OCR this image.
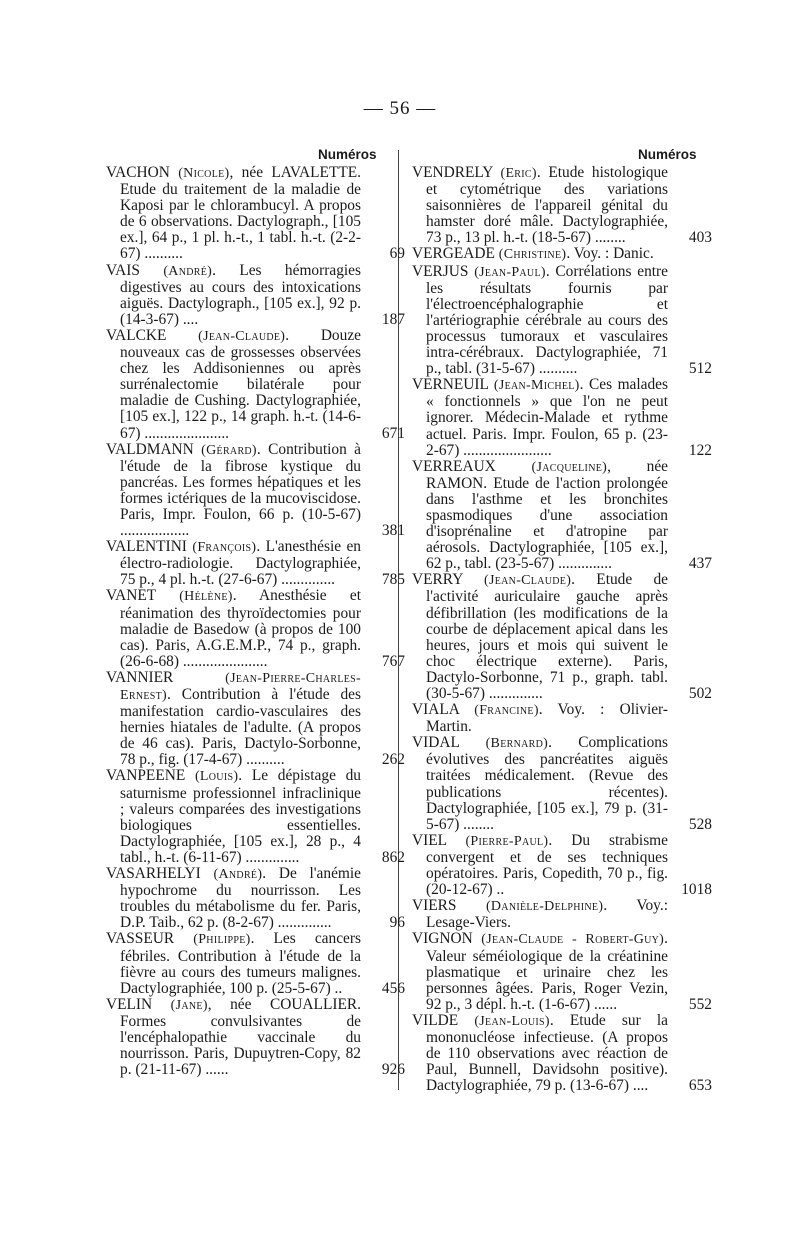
— 56 —
Numéros	Numéros
VACHON (Nicole), née LAVALETTE. Etude du traitement de la maladie de Kaposi par le chlorambucyl. A propos de 6 observations. Dactylograph., [105 ex.], 64 p., 1 pl. h.-t., 1 tabl. h.-t. (2-2-67) ..........	69
VAIS (André). Les hémorragies digestives au cours des intoxications aiguës. Dactylograph., [105 ex.], 92 p. (14-3-67) ....	187
VALCKE (Jean-Claude). Douze nouveaux cas de grossesses observées chez les Addisoniennes ou après surrénalectomie bilatérale pour maladie de Cushing. Dactylographiée, [105 ex.], 122 p., 14 graph. h.-t. (14-6-67) ......................	671
VALDMANN (Gérard). Contribution à l'étude de la fibrose kystique du pancréas. Les formes hépatiques et les formes ictériques de la mucoviscidose. Paris, Impr. Foulon, 66 p. (10-5-67) ..................	381
VALENTINI (François). L'anesthésie en électro-radiologie. Dactylographiée, 75 p., 4 pl. h.-t. (27-6-67) ..............	785
VANET (Hélène). Anesthésie et réanimation des thyroïdectomies pour maladie de Basedow (à propos de 100 cas). Paris, A.G.E.M.P., 74 p., graph. (26-6-68) ......................	767
VANNIER	(Jean-Pierre-Charles-Ernest). Contribution à l'étude des manifestation cardio-vasculaires des hernies hiatales de l'adulte. (A propos de 46 cas). Paris, Dactylo-Sorbonne, 78 p., fig. (17-4-67) ..........	262
VANPEENE (Louis). Le dépistage du saturnisme professionnel infraclinique ; valeurs comparées des investigations biologiques essentielles. Dactylographiée, [105 ex.], 28 p., 4 tabl., h.-t. (6-11-67) ..............	862
VASARHELYI (André). De l'anémie hypochrome du nourrisson. Les troubles du métabolisme du fer. Paris, D.P. Taib., 62 p. (8-2-67) ..............	96
VASSEUR (Philippe). Les cancers fébriles. Contribution à l'étude de la fièvre au cours des tumeurs malignes. Dactylographiée, 100 p. (25-5-67) ..	456
VELIN (Jane), née COUALLIER. Formes convulsivantes de l'encéphalopathie vaccinale du nourrisson. Paris, Dupuytren-Copy, 82 p. (21-11-67) ......	926
VENDRELY (Eric). Etude histologique et cytométrique des variations saisonnières de l'appareil génital du hamster doré mâle. Dactylographiée, 73 p., 13 pl. h.-t. (18-5-67) ........	403
VERGEADE (Christine). Voy. : Danic.
VERJUS (Jean-Paul). Corrélations entre les résultats fournis par l'électroencéphalographie et l'artériographie cérébrale au cours des processus tumoraux et vasculaires intra-cérébraux. Dactylographiée, 71 p., tabl. (31-5-67) ..........	512
VERNEUIL (Jean-Michel). Ces malades « fonctionnels » que l'on ne peut ignorer. Médecin-Malade et rythme actuel. Paris. Impr. Foulon, 65 p. (23-2-67) .......................	122
VERREAUX	(Jacqueline), née RAMON. Etude de l'action prolongée dans l'asthme et les bronchites spasmodiques d'une association d'isoprénaline et d'atropine par aérosols. Dactylographiée, [105 ex.], 62 p., tabl. (23-5-67) ..............	437
VERRY (Jean-Claude). Etude de l'activité auriculaire gauche après défibrillation (les modifications de la courbe de déplacement apical dans les heures, jours et mois qui suivent le choc électrique externe). Paris, Dactylo-Sorbonne, 71 p., graph. tabl. (30-5-67) ..............	502
VIALA (Francine). Voy. : Olivier-Martin.
VIDAL (Bernard). Complications évolutives des pancréatites aiguës traitées médicalement. (Revue des publications récentes). Dactylographiée, [105 ex.], 79 p. (31-5-67) ........	528
VIEL (Pierre-Paul). Du strabisme convergent et de ses techniques opératoires. Paris, Copedith, 70 p., fig. (20-12-67) ..	1018
VIERS (Danièle-Delphine). Voy.: Lesage-Viers.
VIGNON (Jean-Claude - Robert-Guy). Valeur séméiologique de la créatinine plasmatique et urinaire chez les personnes âgées. Paris, Roger Vezin, 92 p., 3 dépl. h.-t. (1-6-67) ......	552
VILDE (Jean-Louis). Etude sur la mononucléose infectieuse. (A propos de 110 observations avec réaction de Paul, Bunnell, Davidsohn positive). Dactylographiée, 79 p. (13-6-67) ....	653
